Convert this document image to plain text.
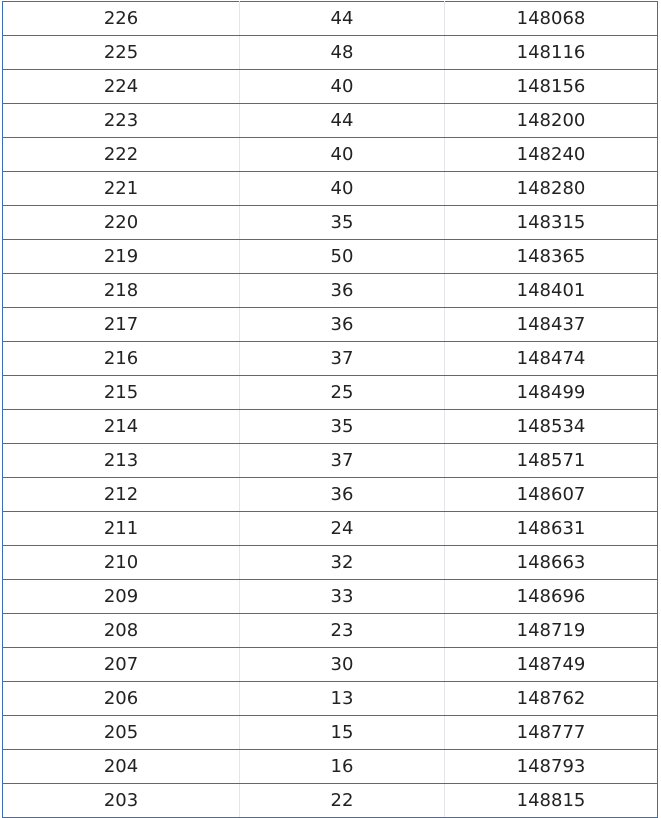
226	44	148068
225	48	148116
224	40	148156
223	44	148200
222	40	148240
221	40	148280
220	35	148315
219	50	148365
218	36	148401
217	36	148437
216	37	148474
215	25	148499
214	35	148534
213	37	148571
212	36	148607
211	24	148631
210	32	148663
209	33	148696
208	23	148719
207	30	148749
206	13	148762
205	15	148777
204	16	148793
203	22	148815
